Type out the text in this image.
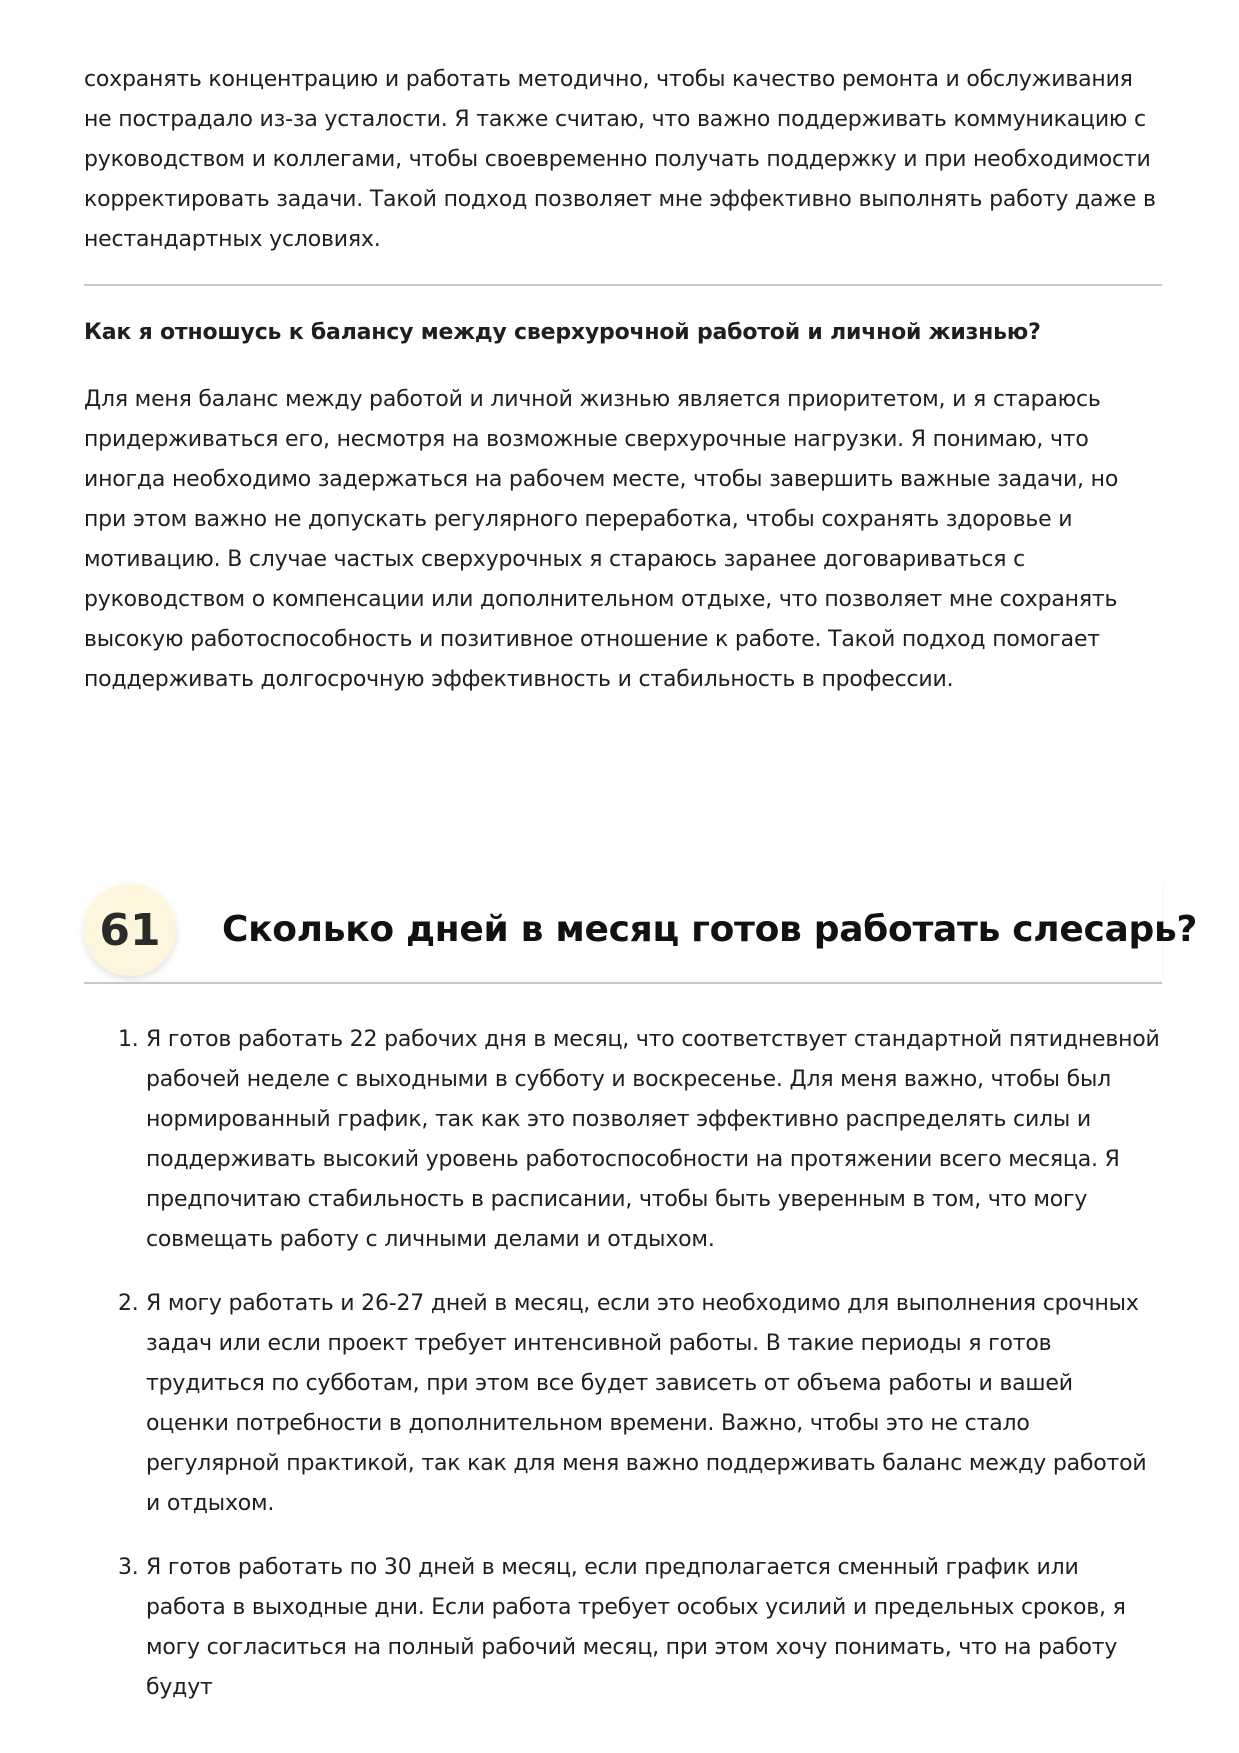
сохранять концентрацию и работать методично, чтобы качество ремонта и обслуживания не пострадало из-за усталости. Я также считаю, что важно поддерживать коммуникацию с руководством и коллегами, чтобы своевременно получать поддержку и при необходимости корректировать задачи. Такой подход позволяет мне эффективно выполнять работу даже в нестандартных условиях.

Как я отношусь к балансу между сверхурочной работой и личной жизнью?

Для меня баланс между работой и личной жизнью является приоритетом, и я стараюсь придерживаться его, несмотря на возможные сверхурочные нагрузки. Я понимаю, что иногда необходимо задержаться на рабочем месте, чтобы завершить важные задачи, но при этом важно не допускать регулярного переработка, чтобы сохранять здоровье и мотивацию. В случае частых сверхурочных я стараюсь заранее договариваться с руководством о компенсации или дополнительном отдыхе, что позволяет мне сохранять высокую работоспособность и позитивное отношение к работе. Такой подход помогает поддерживать долгосрочную эффективность и стабильность в профессии.

61	Сколько дней в месяц готов работать слесарь?
1. Я готов работать 22 рабочих дня в месяц, что соответствует стандартной пятидневной рабочей неделе с выходными в субботу и воскресенье. Для меня важно, чтобы был нормированный график, так как это позволяет эффективно распределять силы и поддерживать высокий уровень работоспособности на протяжении всего месяца. Я предпочитаю стабильность в расписании, чтобы быть уверенным в том, что могу совмещать работу с личными делами и отдыхом.
2. Я могу работать и 26-27 дней в месяц, если это необходимо для выполнения срочных задач или если проект требует интенсивной работы. В такие периоды я готов трудиться по субботам, при этом все будет зависеть от объема работы и вашей оценки потребности в дополнительном времени. Важно, чтобы это не стало регулярной практикой, так как для меня важно поддерживать баланс между работой и отдыхом.
3. Я готов работать по 30 дней в месяц, если предполагается сменный график или работа в выходные дни. Если работа требует особых усилий и предельных сроков, я могу согласиться на полный рабочий месяц, при этом хочу понимать, что на работу будут
